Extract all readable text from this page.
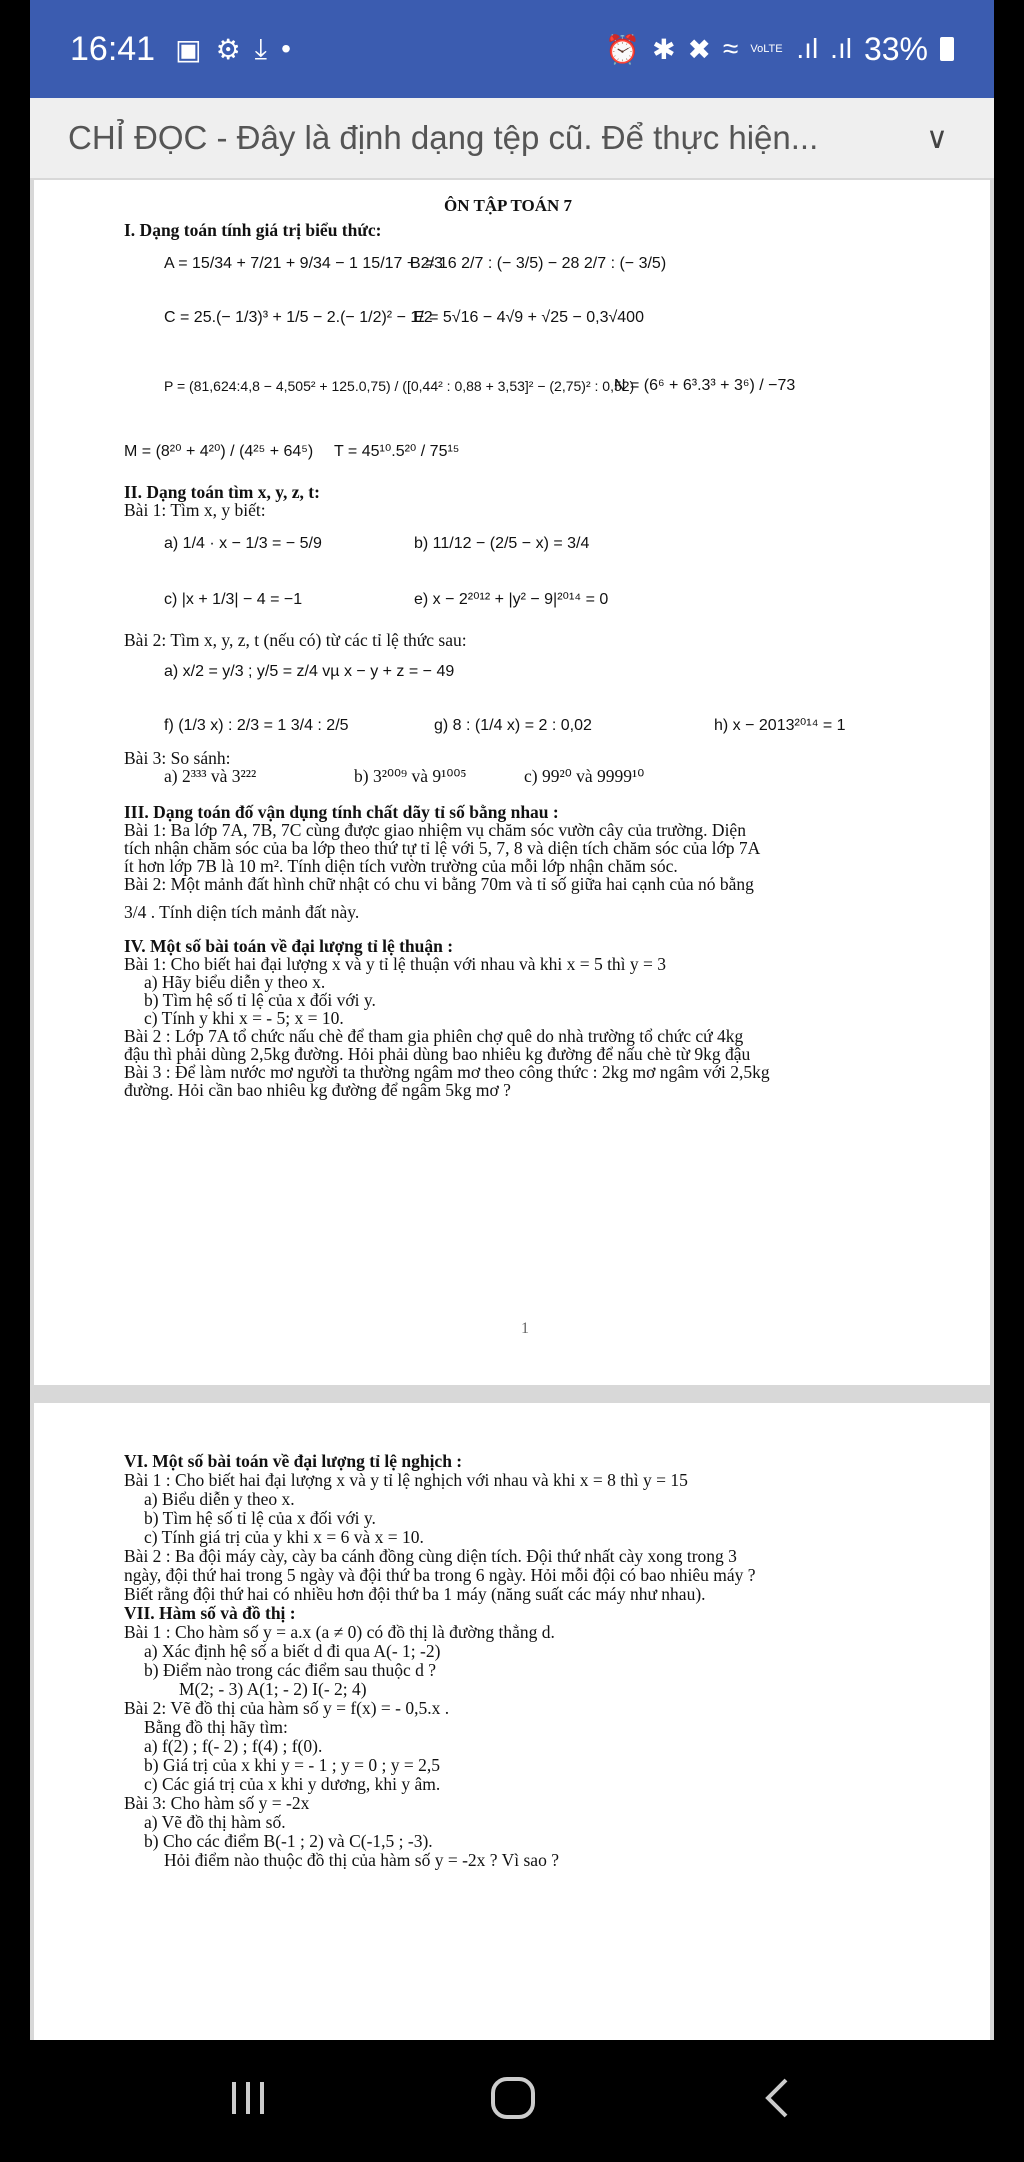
16:41 ▣ ⚙ ⤓ •	⏰ ✱ ✖ ≈ VoLTE .ıl .ıl 33%
CHỈ ĐỌC - Đây là định dạng tệp cũ. Để thực hiện...	∨
ÔN TẬP TOÁN 7
I. Dạng toán tính giá trị biểu thức:
A = 15/34 + 7/21 + 9/34 − 1 15/17 + 2/3
B = 16 2/7 : (− 3/5) − 28 2/7 : (− 3/5)
C = 25.(− 1/3)³ + 1/5 − 2.(− 1/2)² − 1/2
E = 5√16 − 4√9 + √25 − 0,3√400
P = (81,624:4,8 − 4,505² + 125.0,75) / ([0,44² : 0,88 + 3,53]² − (2,75)² : 0,52)
N = (6⁶ + 6³.3³ + 3⁶) / −73
M = (8²⁰ + 4²⁰) / (4²⁵ + 64⁵) T = 45¹⁰.5²⁰ / 75¹⁵
II. Dạng toán tìm x, y, z, t:
Bài 1: Tìm x, y biết:
a) 1/4 · x − 1/3 = − 5/9	b) 11/12 − (2/5 − x) = 3/4
c) |x + 1/3| − 4 = −1	e) x − 2²⁰¹² + |y² − 9|²⁰¹⁴ = 0
Bài 2: Tìm x, y, z, t (nếu có) từ các tỉ lệ thức sau:
a) x/2 = y/3 ; y/5 = z/4 vµ x − y + z = − 49
f) (1/3 x) : 2/3 = 1 3/4 : 2/5	g) 8 : (1/4 x) = 2 : 0,02	h) x − 2013²⁰¹⁴ = 1
Bài 3: So sánh:
a) 2³³³ và 3²²²	b) 3²⁰⁰⁹ và 9¹⁰⁰⁵	c) 99²⁰ và 9999¹⁰
III. Dạng toán đố vận dụng tính chất dãy tỉ số bằng nhau :
Bài 1: Ba lớp 7A, 7B, 7C cùng được giao nhiệm vụ chăm sóc vườn cây của trường. Diện
tích nhận chăm sóc của ba lớp theo thứ tự tỉ lệ với 5, 7, 8 và diện tích chăm sóc của lớp 7A
ít hơn lớp 7B là 10 m². Tính diện tích vườn trường của mỗi lớp nhận chăm sóc.
Bài 2: Một mảnh đất hình chữ nhật có chu vi bằng 70m và tỉ số giữa hai cạnh của nó bằng
3/4 . Tính diện tích mảnh đất này.
IV. Một số bài toán về đại lượng tỉ lệ thuận :
Bài 1: Cho biết hai đại lượng x và y tỉ lệ thuận với nhau và khi x = 5 thì y = 3
a) Hãy biểu diễn y theo x.
b) Tìm hệ số tỉ lệ của x đối với y.
c) Tính y khi x = - 5; x = 10.
Bài 2 : Lớp 7A tổ chức nấu chè để tham gia phiên chợ quê do nhà trường tổ chức cứ 4kg
đậu thì phải dùng 2,5kg đường. Hỏi phải dùng bao nhiêu kg đường để nấu chè từ 9kg đậu
Bài 3 : Để làm nước mơ người ta thường ngâm mơ theo công thức : 2kg mơ ngâm với 2,5kg
đường. Hỏi cần bao nhiêu kg đường để ngâm 5kg mơ ?
1
VI. Một số bài toán về đại lượng tỉ lệ nghịch :
Bài 1 : Cho biết hai đại lượng x và y tỉ lệ nghịch với nhau và khi x = 8 thì y = 15
a) Biểu diễn y theo x.
b) Tìm hệ số tỉ lệ của x đối với y.
c) Tính giá trị của y khi x = 6 và x = 10.
Bài 2 : Ba đội máy cày, cày ba cánh đồng cùng diện tích. Đội thứ nhất cày xong trong 3
ngày, đội thứ hai trong 5 ngày và đội thứ ba trong 6 ngày. Hỏi mỗi đội có bao nhiêu máy ?
Biết rằng đội thứ hai có nhiều hơn đội thứ ba 1 máy (năng suất các máy như nhau).
VII. Hàm số và đồ thị :
Bài 1 : Cho hàm số y = a.x (a ≠ 0) có đồ thị là đường thẳng d.
a) Xác định hệ số a biết d đi qua A(- 1; -2)
b) Điểm nào trong các điểm sau thuộc d ?
M(2; - 3) A(1; - 2) I(- 2; 4)
Bài 2: Vẽ đồ thị của hàm số y = f(x) = - 0,5.x .
Bằng đồ thị hãy tìm:
a) f(2) ; f(- 2) ; f(4) ; f(0).
b) Giá trị của x khi y = - 1 ; y = 0 ; y = 2,5
c) Các giá trị của x khi y dương, khi y âm.
Bài 3: Cho hàm số y = -2x
a) Vẽ đồ thị hàm số.
b) Cho các điểm B(-1 ; 2) và C(-1,5 ; -3).
Hỏi điểm nào thuộc đồ thị của hàm số y = -2x ? Vì sao ?
